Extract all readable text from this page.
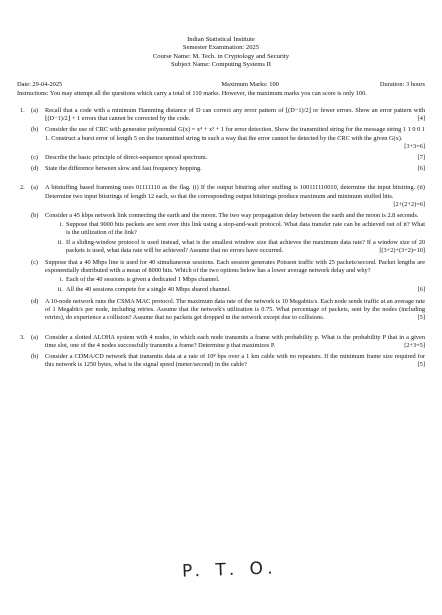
Indian Statistical Institute
Semester Examination: 2025
Course Name: M. Tech. in Cryptology and Security
Subject Name: Computing Systems II
Date: 29-04-2025	Maximum Marks: 100	Duration: 3 hours
Instructions: You may attempt all the questions which carry a total of 110 marks. However, the maximum marks you can score is only 100.
1. (a)	Recall that a code with a minimum Hamming distance of D can correct any error pattern of ⌊(D−1)/2⌋ or fewer errors. Show an error pattern with ⌊(D−1)/2⌋ + 1 errors that cannot be corrected by the code.	[4]
(b)	Consider the use of CRC with generator polynomial G(x) = x⁴ + x³ + 1 for error detection. Show the transmitted string for the message string 1 1 0 0 1 1. Construct a burst error of length 5 on the transmitted string in such a way that the error cannot be detected by the CRC with the given G(x).
[3+3=6]
(c)	Describe the basic principle of direct-sequence spread spectrum.	[7]
(d)	State the difference between slow and fast frequency hopping.	[6]
2. (a)	A bitstuffing based framming uses 01111110 as the flag. (i) If the output bitstring after stuffing is 100111110010, determine the input bitstring. (ii) Determine two input bitstrings of length 12 each, so that the corresponding output bitstrings produce maximum and minimum stuffed bits.
[2+(2+2)=6]
(b)	Consider a 45 kbps network link connecting the earth and the moon. The two way propagation delay between the earth and the moon is 2.8 seconds.
i. Suppose that 9000 bits packets are sent over this link using a stop-and-wait protocol. What data transfer rate can be achieved out of it? What is the utilization of the link?
ii. If a sliding-window protocol is used instead, what is the smallest window size that achieves the maximum data rate? If a window size of 20 packets is used, what data rate will be achieved? Assume that no errors have occurred.	[(3+2)+(3+2)=10]
(c)	Suppose that a 40 Mbps line is used for 40 simultaneous sessions. Each session generates Poisson traffic with 25 packets/second. Packet lengths are exponentially distributed with a mean of 8000 bits. Which of the two options below has a lower average network delay and why?
i. Each of the 40 sessions is given a dedicated 1 Mbps channel.
ii. All the 40 sessions compete for a single 40 Mbps shared channel.	[6]
(d)	A 10-node network runs the CSMA MAC protocol. The maximum data rate of the network is 10 Megabits/s. Each node sends traffic at an average rate of 1 Megabit/s per node, including retries. Assume that the network's utilization is 0.75. What percentage of packets, sent by the nodes (including retries), do experience a collision? Assume that no packets get dropped in the network except due to collisions.	[5]
3. (a)	Consider a slotted ALOHA system with 4 nodes, in which each node transmits a frame with probability p. What is the probability P that in a given time slot, one of the 4 nodes successfully transmits a frame? Determine p that maximizes P.	[2+3=5]
(b)	Consider a CDMA/CD network that transmits data at a rate of 10⁸ bps over a 1 km cable with no repeaters. If the minimum frame size required for this network is 1250 bytes, what is the signal speed (meter/second) in the cable?	[5]
P. T. O.
